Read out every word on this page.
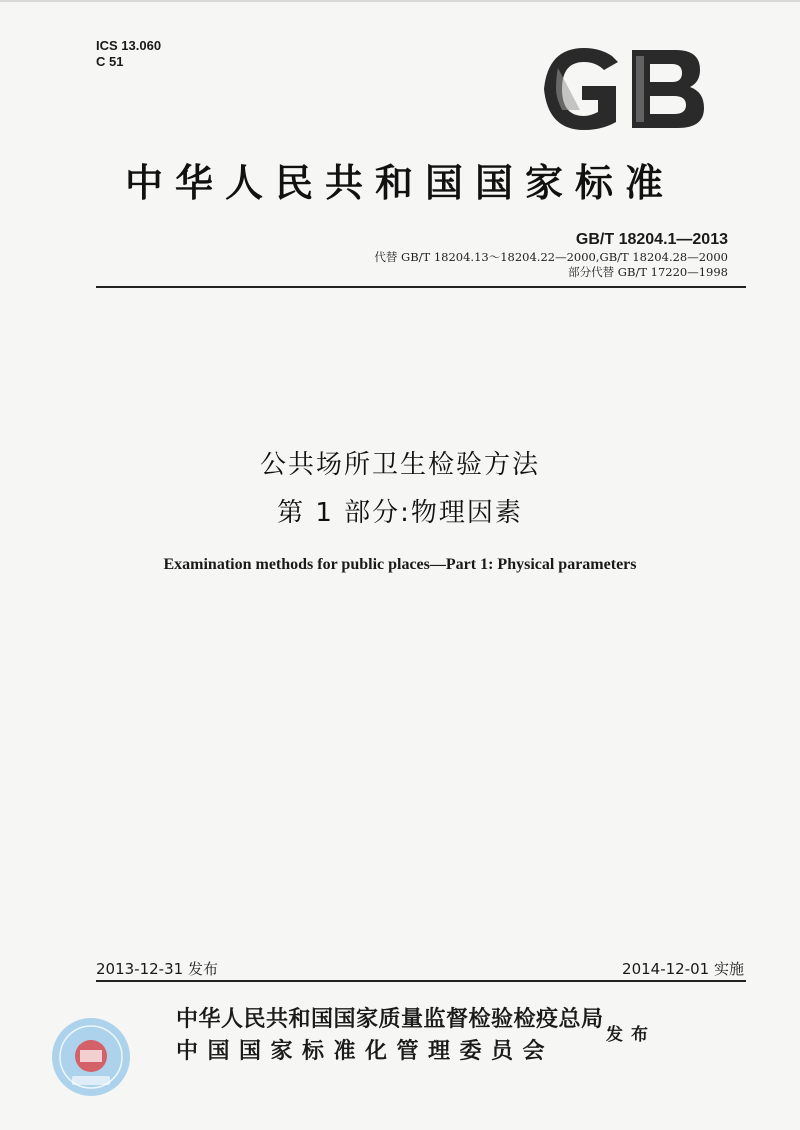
ICS 13.060
C 51
中华人民共和国国家标准
GB/T 18204.1—2013
代替 GB/T 18204.13～18204.22—2000,GB/T 18204.28—2000
部分代替 GB/T 17220—1998
公共场所卫生检验方法
第 1 部分:物理因素
Examination methods for public places—Part 1: Physical parameters
2013-12-31 发布	2014-12-01 实施
中华人民共和国国家质量监督检验检疫总局
中国国家标准化管理委员会
发布
